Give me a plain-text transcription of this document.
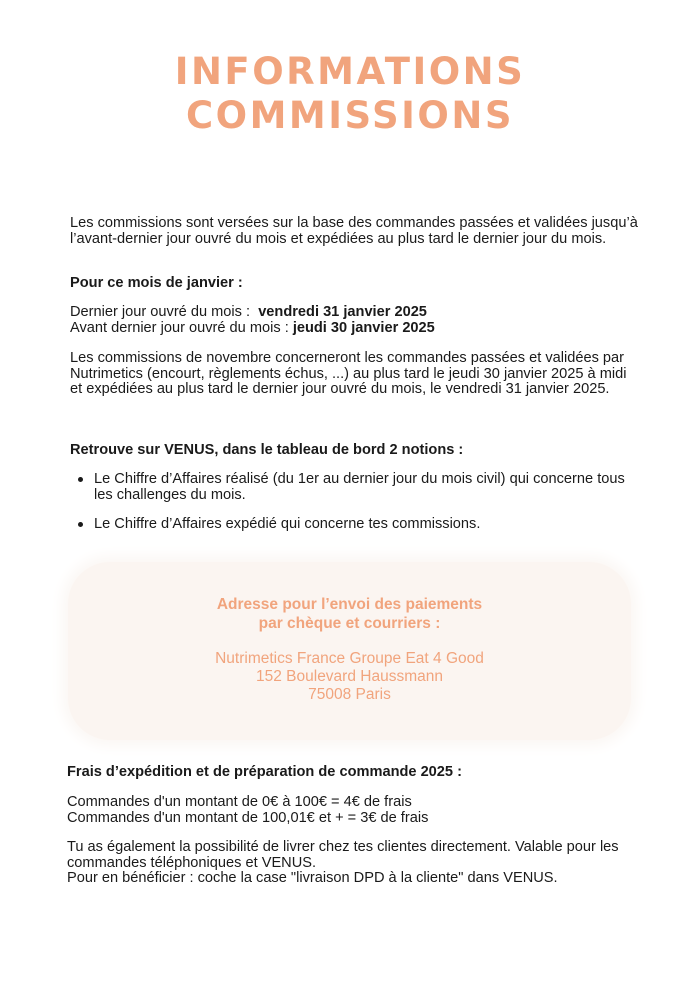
INFORMATIONS
COMMISSIONS

Les commissions sont versées sur la base des commandes passées et validées jusqu’à l’avant-dernier jour ouvré du mois et expédiées au plus tard le dernier jour du mois.

Pour ce mois de janvier :

Dernier jour ouvré du mois :  vendredi 31 janvier 2025
Avant dernier jour ouvré du mois : jeudi 30 janvier 2025

Les commissions de novembre concerneront les commandes passées et validées par Nutrimetics (encourt, règlements échus, ...) au plus tard le jeudi 30 janvier 2025 à midi et expédiées au plus tard le dernier jour ouvré du mois, le vendredi 31 janvier 2025.

Retrouve sur VENUS, dans le tableau de bord 2 notions :

Le Chiffre d’Affaires réalisé (du 1er au dernier jour du mois civil) qui concerne tous les challenges du mois.
Le Chiffre d’Affaires expédié qui concerne tes commissions.
Adresse pour l’envoi des paiements
par chèque et courriers :
Nutrimetics France Groupe Eat 4 Good
152 Boulevard Haussmann
75008 Paris

Frais d’expédition et de préparation de commande 2025 :

Commandes d'un montant de 0€ à 100€ = 4€ de frais
Commandes d'un montant de 100,01€ et + = 3€ de frais

Tu as également la possibilité de livrer chez tes clientes directement. Valable pour les commandes téléphoniques et VENUS.
Pour en bénéficier : coche la case "livraison DPD à la cliente" dans VENUS.
